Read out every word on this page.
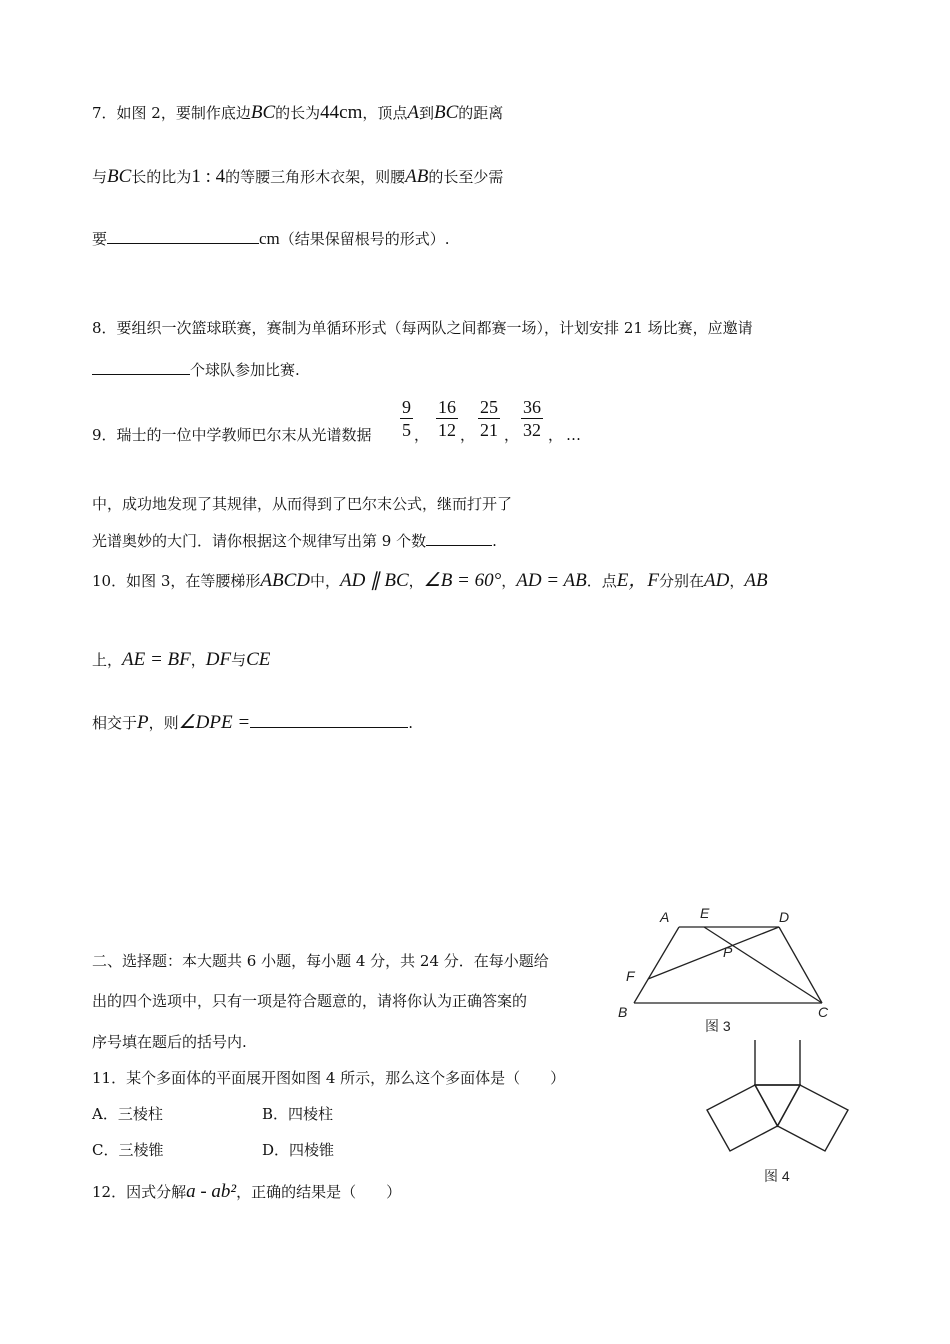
7．如图 2，要制作底边BC的长为44cm，顶点A到BC的距离
与BC长的比为1 : 4的等腰三角形木衣架，则腰AB的长至少需
要	cm（结果保留根号的形式）.
8．要组织一次篮球联赛，赛制为单循环形式（每两队之间都赛一场），计划安排 21 场比赛，应邀请
个球队参加比赛.
9．瑞士的一位中学教师巴尔末从光谱数据 $\frac{9}{5}$ ， $\frac{16}{12}$ ， $\frac{25}{21}$ ， $\frac{36}{32}$ ， …
中，成功地发现了其规律，从而得到了巴尔末公式，继而打开了
光谱奥妙的大门．请你根据这个规律写出第 9 个数	.
10．如图 3，在等腰梯形ABCD中，AD ∥ BC，∠B = 60°，AD = AB．点E，F分别在AD，AB
上，AE = BF，DF与CE
相交于P，则∠DPE =	.
二、选择题：本大题共 6 小题，每小题 4 分，共 24 分．在每小题给
出的四个选项中，只有一项是符合题意的，请将你认为正确答案的
序号填在题后的括号内.
11．某个多面体的平面展开图如图 4 所示，那么这个多面体是（　　）
A．三棱柱	B．四棱柱
C．三棱锥	D．四棱锥
12．因式分解a - ab²，正确的结果是（　　）
A E	D
P
F
B	C
图 3
图 4
